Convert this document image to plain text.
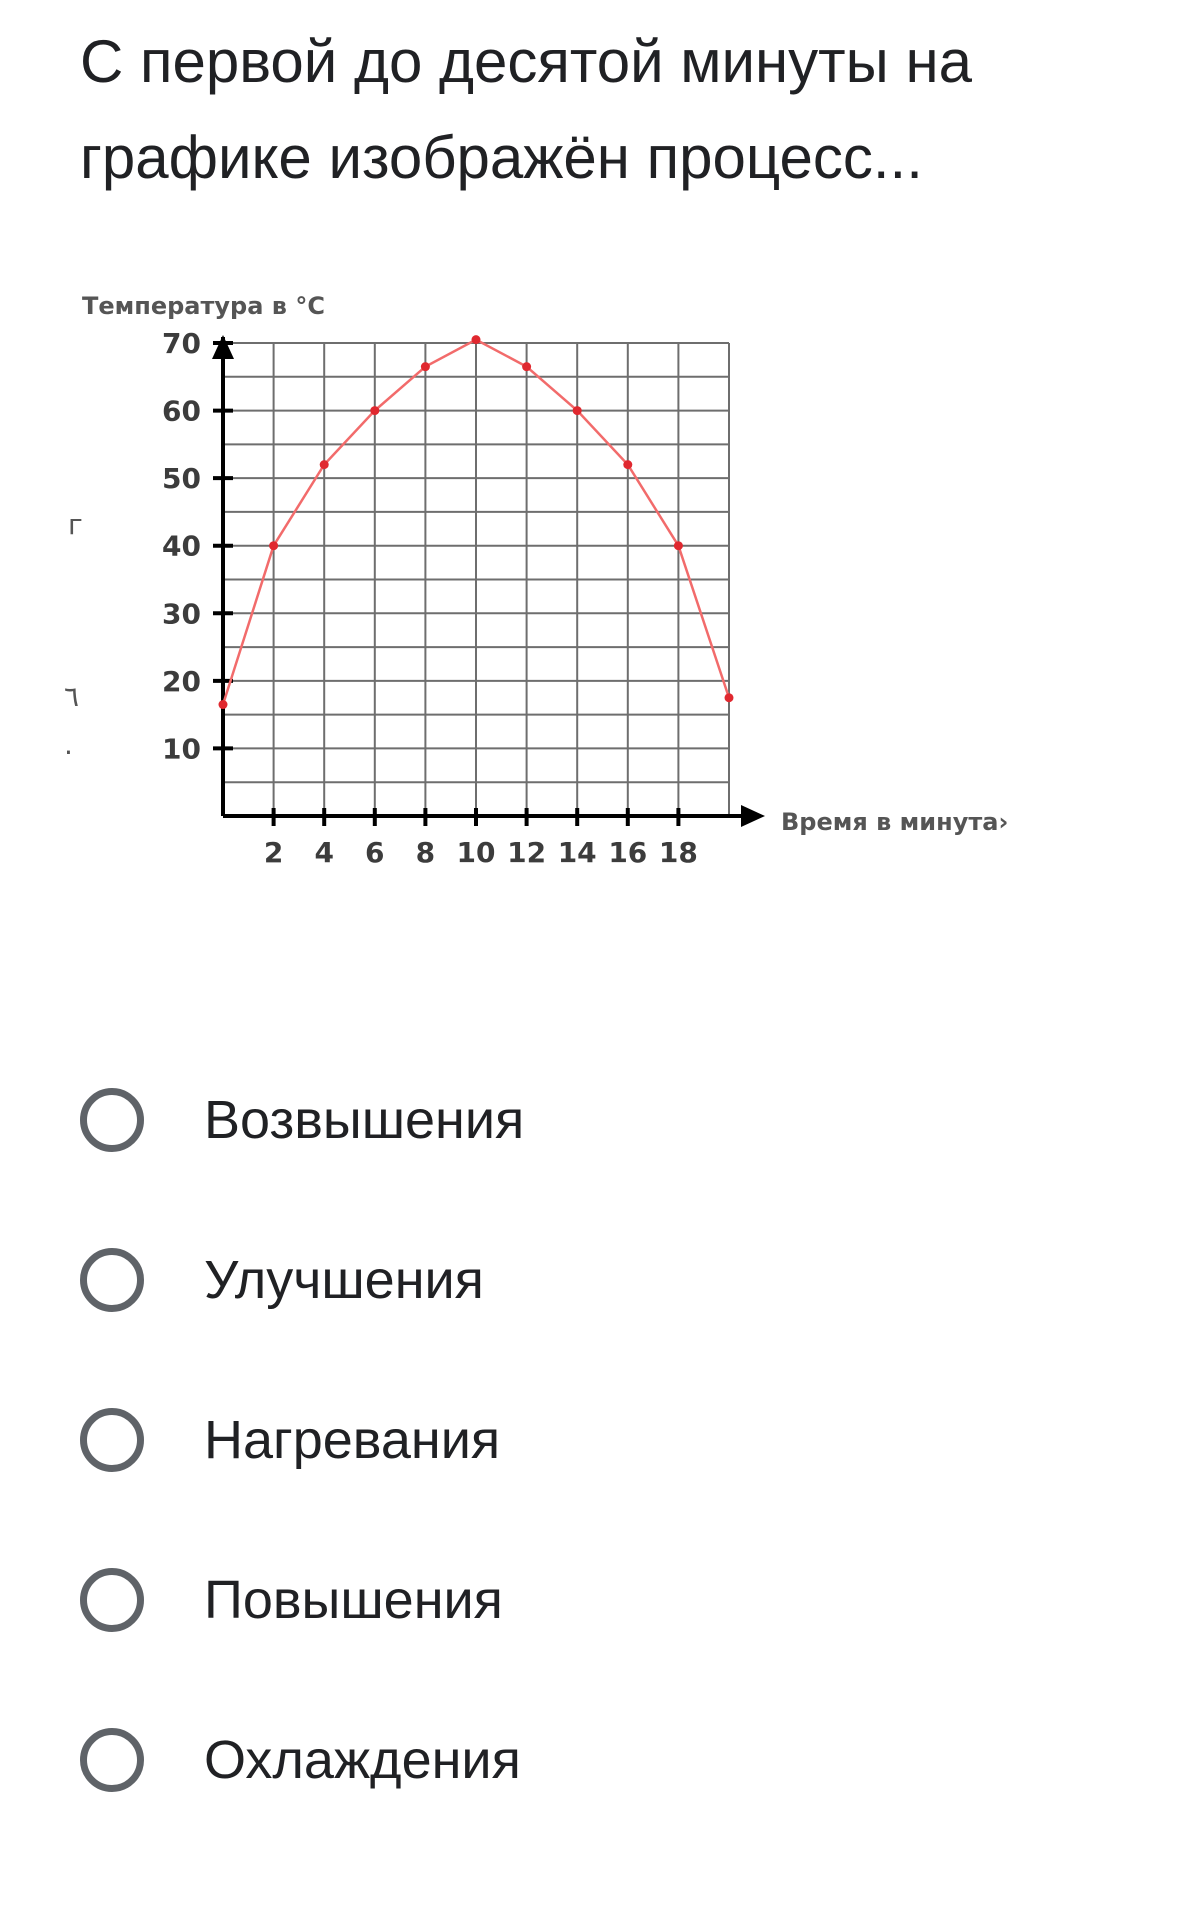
С первой до десятой минуты на графике изображён процесс...
г
٦
.	10
20
30
40
50
60
70
2 4 6 8 10 12 14 16 18
Температура в °С
Время в минута›
Возвышения
Улучшения
Нагревания
Повышения
Охлаждения
